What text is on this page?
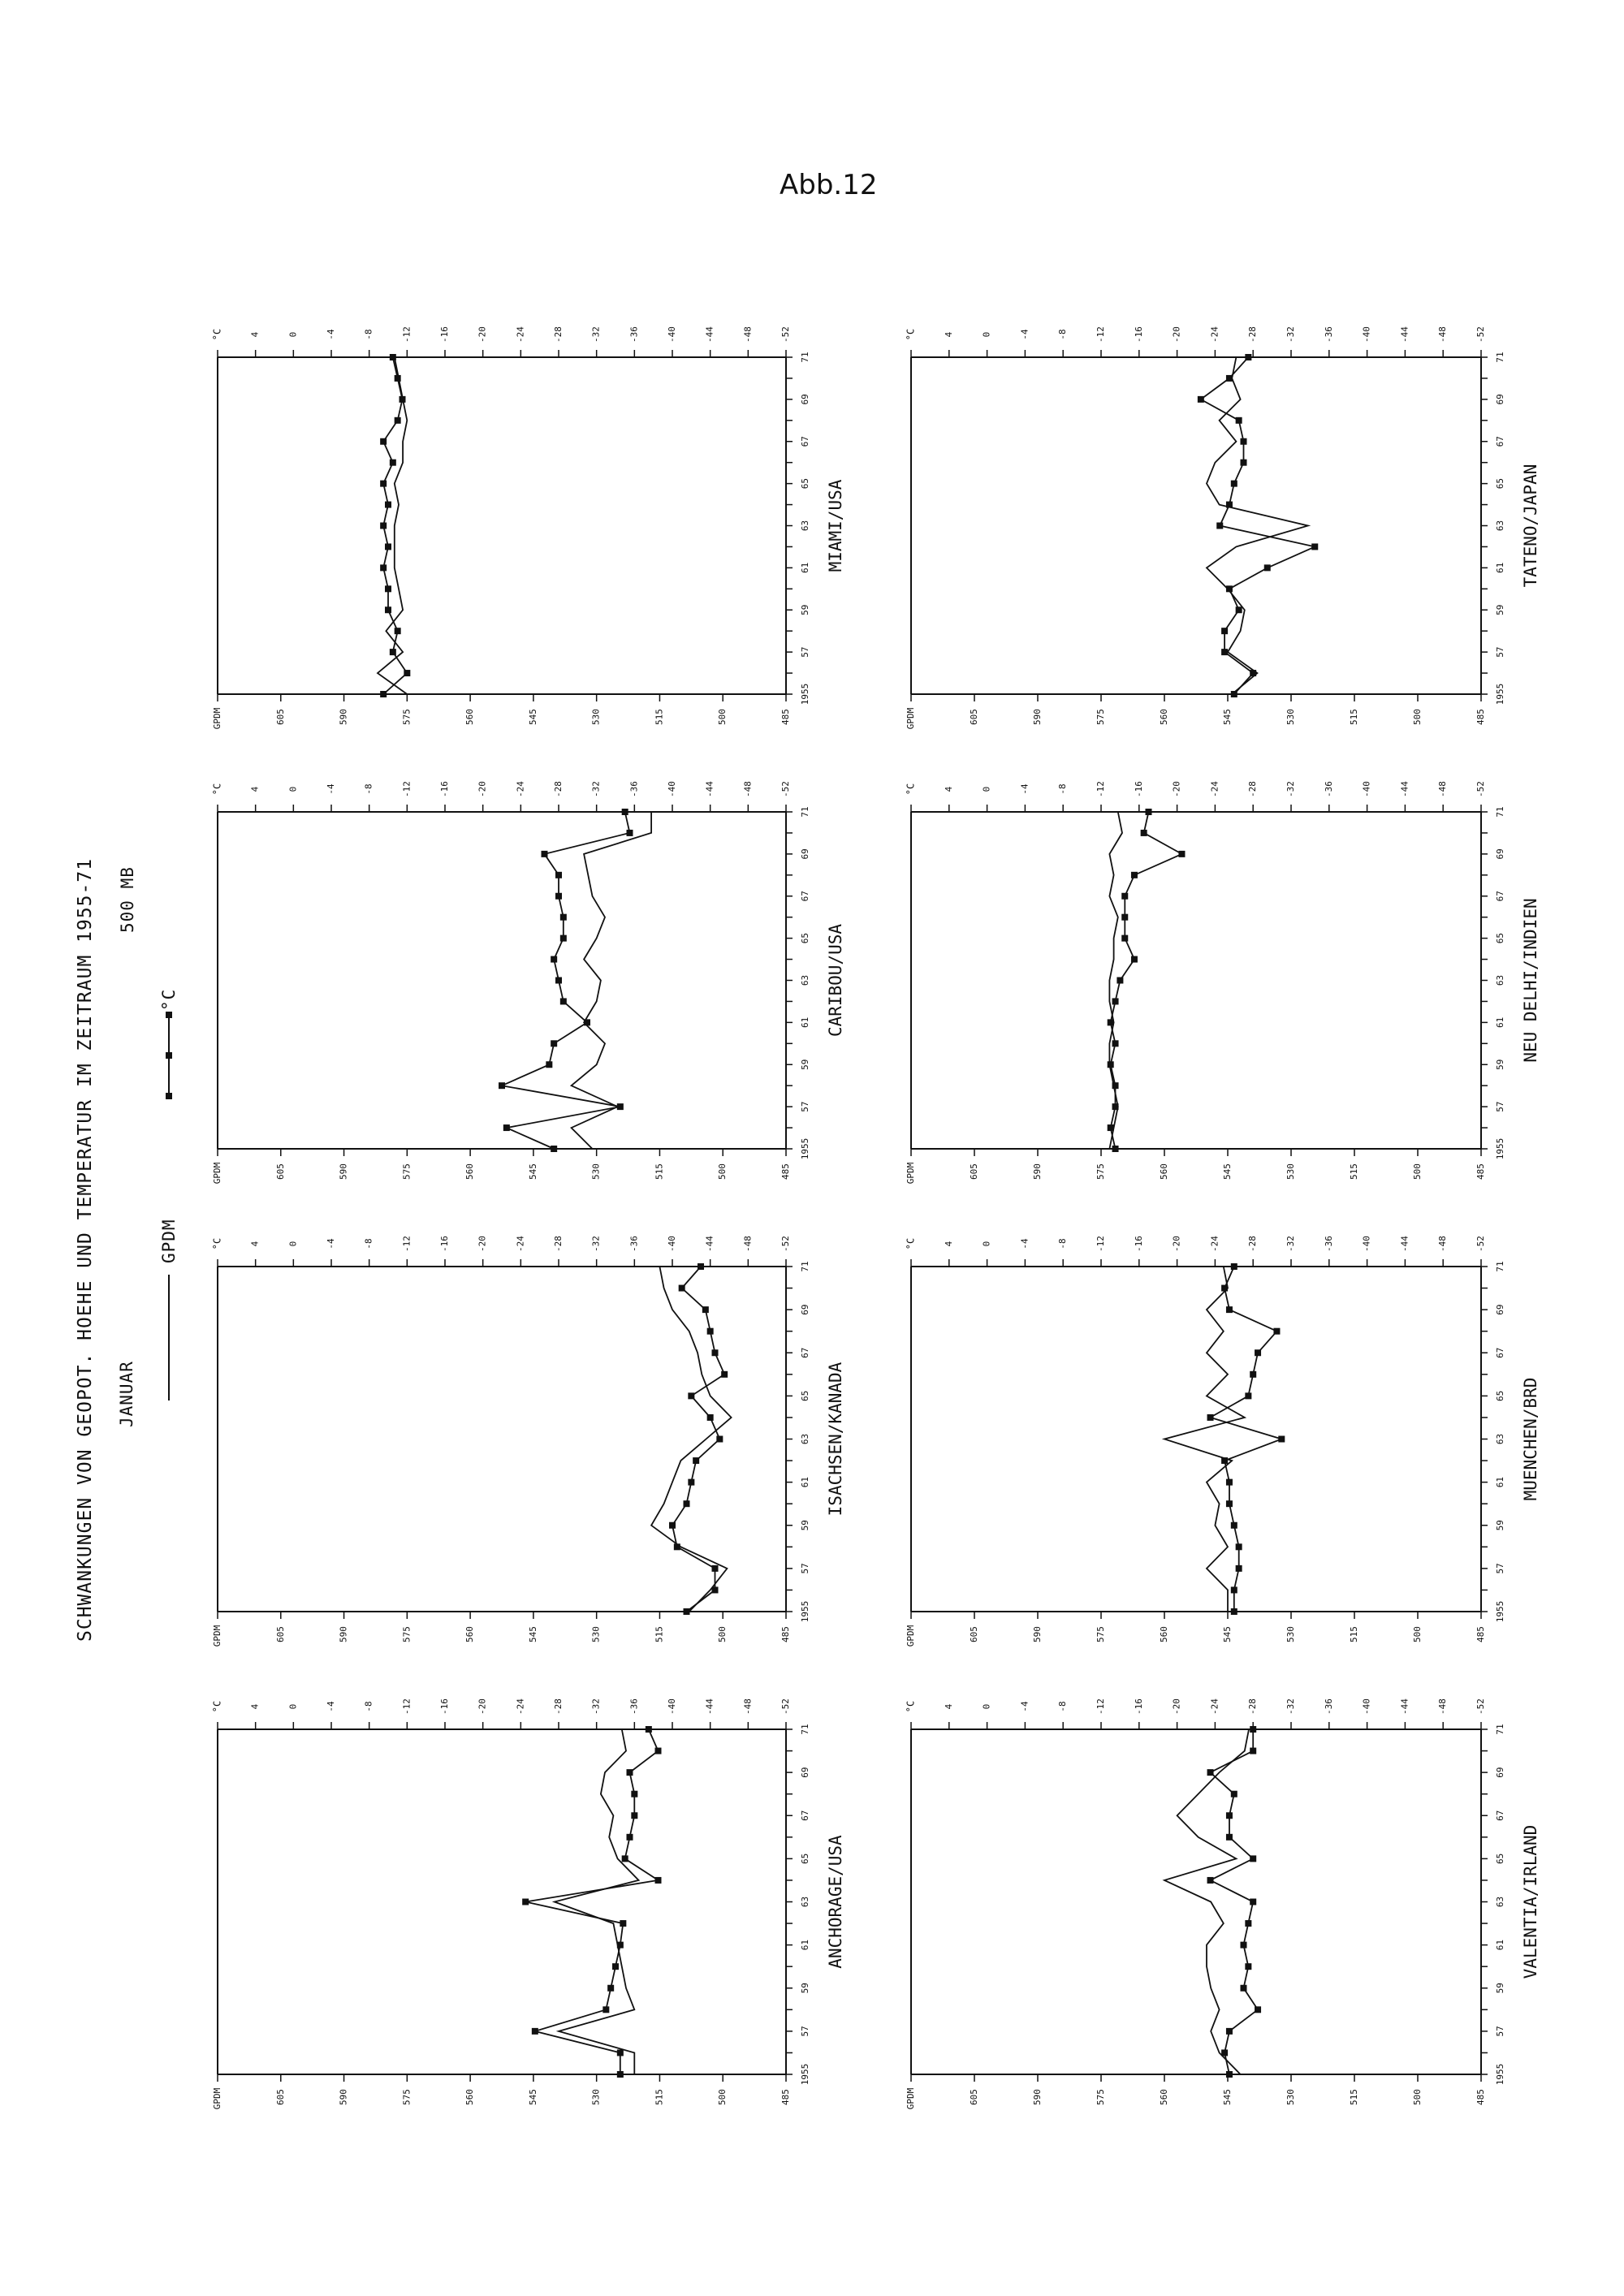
Abb.12
SCHWANKUNGEN VON GEOPOT. HOEHE UND TEMPERATUR IM ZEITRAUM 1955-71 JANUAR
500 MB
°C
GPDM
4	0	-4	-8	-12	-16	-20	-24	-28	-32	-36	-40	-44	-48	-52
°C
605	590	575	560	545	530	515	500	485
GPDM
1955
57
59
61
63
65
67
69
71
ANCHORAGE/USA
4	0	-4	-8	-12	-16	-20	-24	-28	-32	-36	-40	-44	-48	-52
°C
605	590	575	560	545	530	515	500	485
GPDM
1955
57
59
61
63
65
67
69
71
ISACHSEN/KANADA
4	0	-4	-8	-12	-16	-20	-24	-28	-32	-36	-40	-44	-48	-52
°C
605	590	575	560	545	530	515	500	485
GPDM
1955
57
59
61
63
65
67
69
71
CARIBOU/USA
4	0	-4	-8	-12	-16	-20	-24	-28	-32	-36	-40	-44	-48	-52
°C
605	590	575	560	545	530	515	500	485
GPDM
1955
57
59
61
63
65
67
69
71
MIAMI/USA
4	0	-4	-8	-12	-16	-20	-24	-28	-32	-36	-40	-44	-48	-52
°C
605	590	575	560	545	530	515	500	485
GPDM
1955
57
59
61
63
65
67
69
71
VALENTIA/IRLAND
4	0	-4	-8	-12	-16	-20	-24	-28	-32	-36	-40	-44	-48	-52
°C
605	590	575	560	545	530	515	500	485
GPDM
1955
57
59
61
63
65
67
69
71
MUENCHEN/BRD
4	0	-4	-8	-12	-16	-20	-24	-28	-32	-36	-40	-44	-48	-52
°C
605	590	575	560	545	530	515	500	485
GPDM
1955
57
59
61
63
65
67
69
71
NEU DELHI/INDIEN
4	0	-4	-8	-12	-16	-20	-24	-28	-32	-36	-40	-44	-48	-52
°C
605	590	575	560	545	530	515	500	485
GPDM
1955
57
59
61
63
65
67
69
71
TATENO/JAPAN
